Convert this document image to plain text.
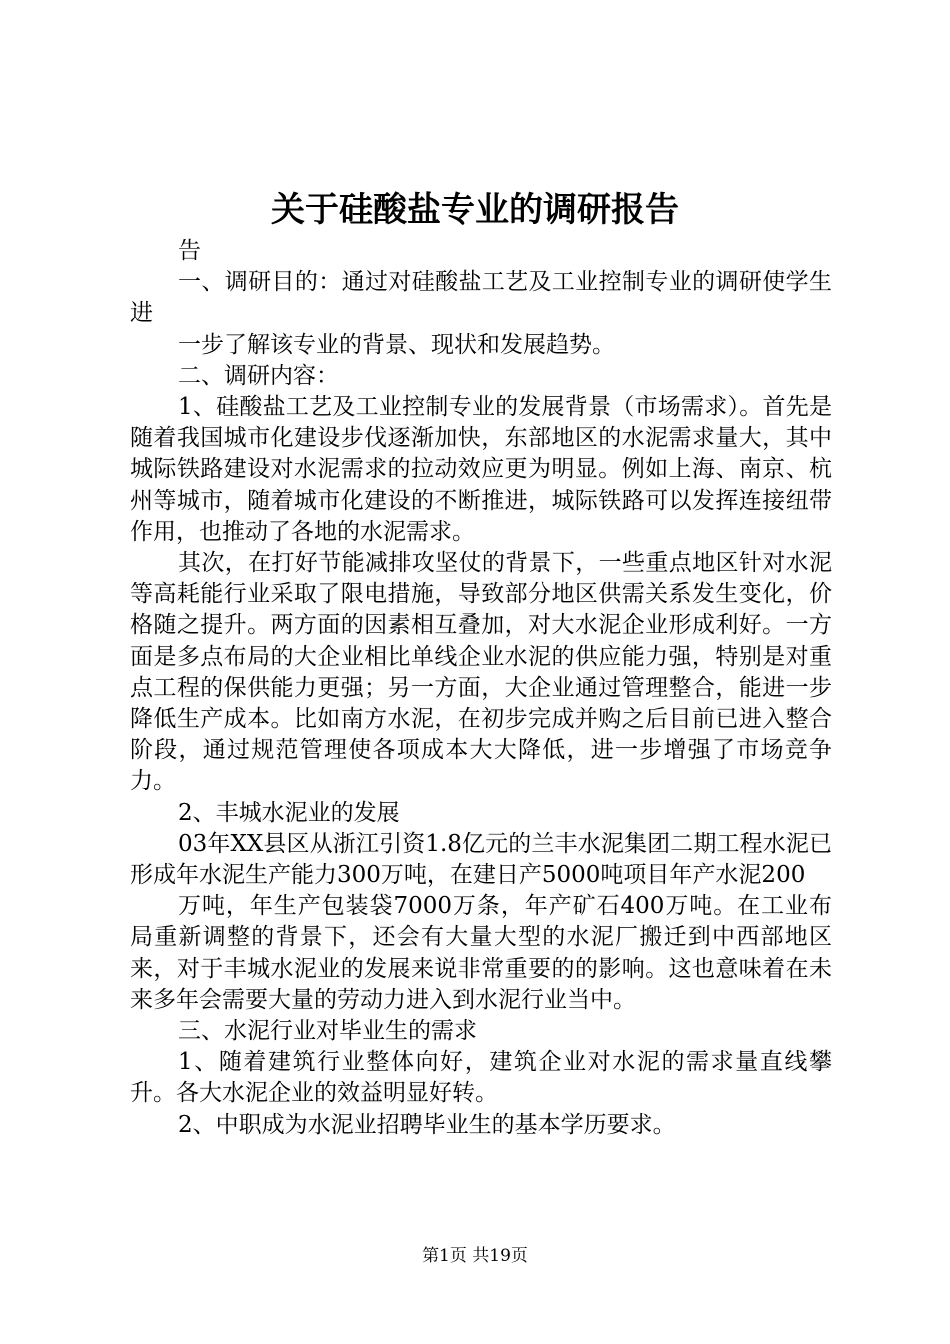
关于硅酸盐专业的调研报告

告

一、调研目的：通过对硅酸盐工艺及工业控制专业的调研使学生进

一步了解该专业的背景、现状和发展趋势。

二、调研内容：

1、硅酸盐工艺及工业控制专业的发展背景（市场需求）。首先是随着我国城市化建设步伐逐渐加快，东部地区的水泥需求量大，其中城际铁路建设对水泥需求的拉动效应更为明显。例如上海、南京、杭州等城市，随着城市化建设的不断推进，城际铁路可以发挥连接纽带作用，也推动了各地的水泥需求。

其次，在打好节能减排攻坚仗的背景下，一些重点地区针对水泥等高耗能行业采取了限电措施，导致部分地区供需关系发生变化，价格随之提升。两方面的因素相互叠加，对大水泥企业形成利好。一方面是多点布局的大企业相比单线企业水泥的供应能力强，特别是对重点工程的保供能力更强；另一方面，大企业通过管理整合，能进一步降低生产成本。比如南方水泥，在初步完成并购之后目前已进入整合阶段，通过规范管理使各项成本大大降低，进一步增强了市场竞争力。

2、丰城水泥业的发展

03年XX县区从浙江引资1.8亿元的兰丰水泥集团二期工程水泥已形成年水泥生产能力300万吨，在建日产5000吨项目年产水泥200

万吨，年生产包装袋7000万条，年产矿石400万吨。在工业布局重新调整的背景下，还会有大量大型的水泥厂搬迁到中西部地区来，对于丰城水泥业的发展来说非常重要的的影响。这也意味着在未来多年会需要大量的劳动力进入到水泥行业当中。

三、水泥行业对毕业生的需求

1、随着建筑行业整体向好，建筑企业对水泥的需求量直线攀升。各大水泥企业的效益明显好转。

2、中职成为水泥业招聘毕业生的基本学历要求。

第1页 共19页
